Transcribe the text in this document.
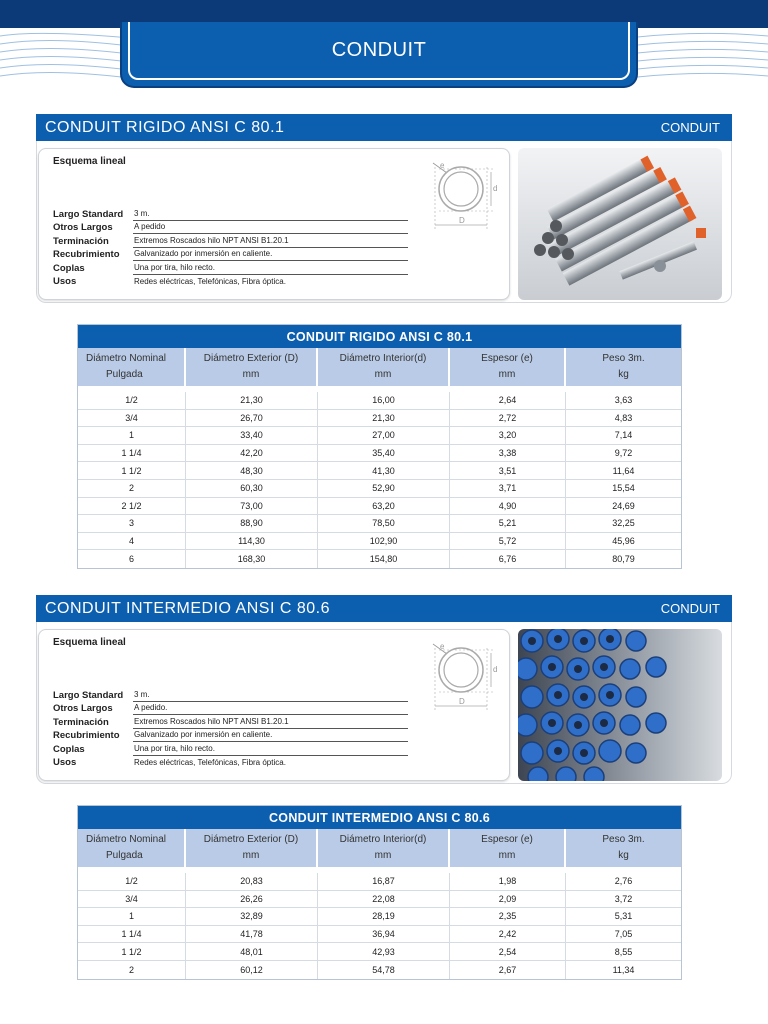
CONDUIT
CONDUIT RIGIDO ANSI C 80.1	CONDUIT
Esquema lineal	e
d
D
Largo Standard	3 m.
Otros Largos	A pedido
Terminación	Extremos Roscados hilo NPT ANSI B1.20.1
Recubrimiento	Galvanizado por inmersión en caliente.
Coplas	Una por tira, hilo recto.
Usos	Redes eléctricas, Telefónicas, Fibra óptica.
CONDUIT RIGIDO ANSI C 80.1
Diámetro Nominal
Pulgada
Diámetro Exterior (D)
mm
Diámetro Interior(d)
mm
Espesor (e)
mm
Peso 3m.
kg
1/2	21,30	16,00	2,64	3,63
3/4	26,70	21,30	2,72	4,83
1	33,40	27,00	3,20	7,14
1 1/4	42,20	35,40	3,38	9,72
1 1/2	48,30	41,30	3,51	11,64
2	60,30	52,90	3,71	15,54
2 1/2	73,00	63,20	4,90	24,69
3	88,90	78,50	5,21	32,25
4	114,30	102,90	5,72	45,96
6	168,30	154,80	6,76	80,79
CONDUIT INTERMEDIO ANSI C 80.6	CONDUIT
Esquema lineal	e
d
D
Largo Standard	3 m.
Otros Largos	A pedido.
Terminación	Extremos Roscados hilo NPT ANSI B1.20.1
Recubrimiento	Galvanizado por inmersión en caliente.
Coplas	Una por tira, hilo recto.
Usos	Redes eléctricas, Telefónicas, Fibra óptica.
CONDUIT INTERMEDIO ANSI C 80.6
Diámetro Nominal
Pulgada
Diámetro Exterior (D)
mm
Diámetro Interior(d)
mm
Espesor (e)
mm
Peso 3m.
kg
1/2	20,83	16,87	1,98	2,76
3/4	26,26	22,08	2,09	3,72
1	32,89	28,19	2,35	5,31
1 1/4	41,78	36,94	2,42	7,05
1 1/2	48,01	42,93	2,54	8,55
2	60,12	54,78	2,67	11,34
